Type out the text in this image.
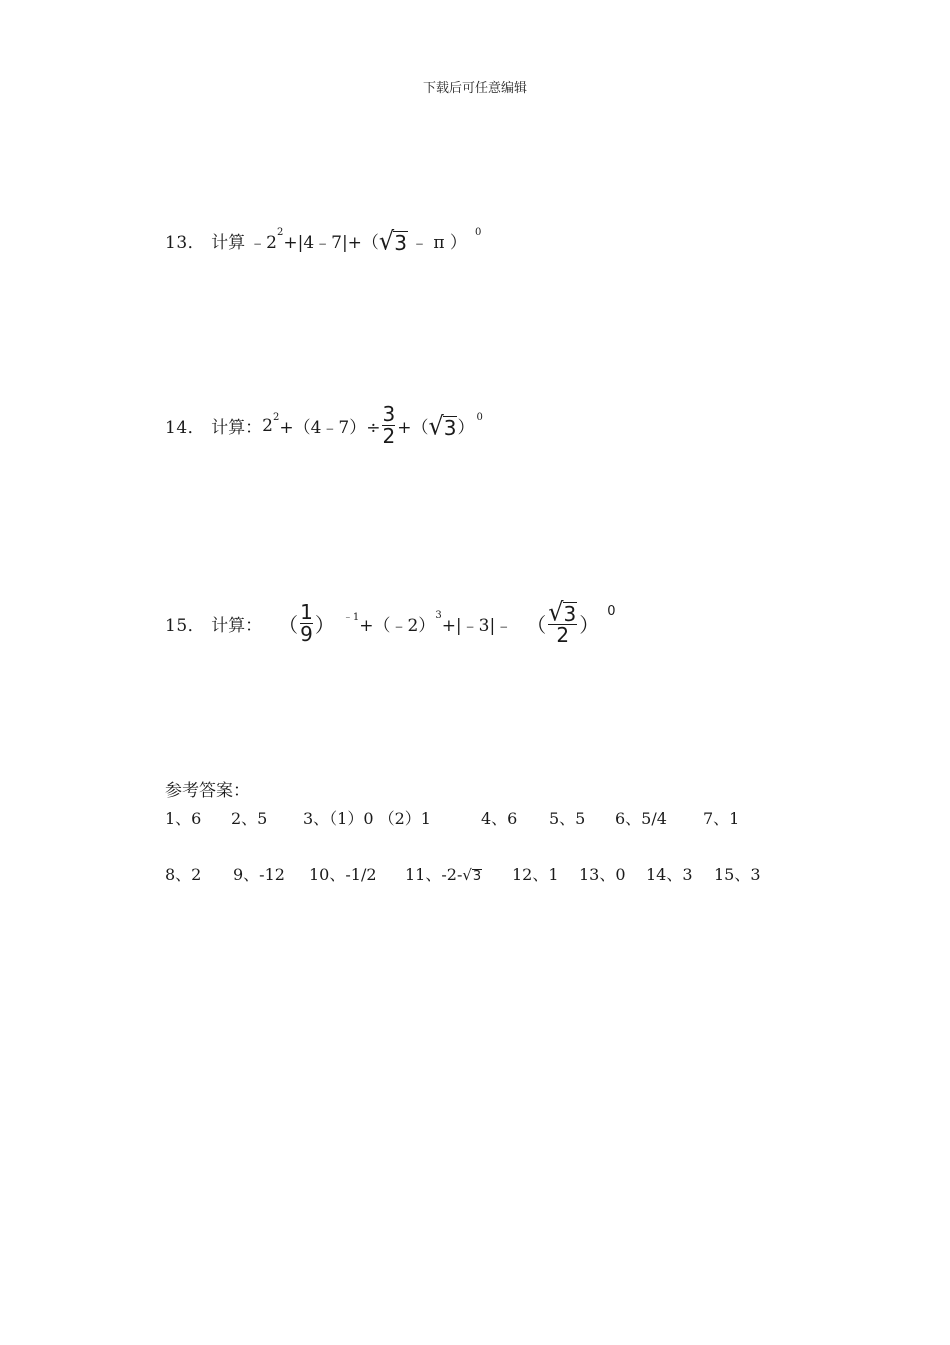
下载后可任意编辑
13． 计算 ﹣2
2
+|4﹣7|+（ √ 3 ﹣ π ）
0
14． 计算： 2 2
+（4﹣7）÷ $\frac{3}{2}$ +（ √ 3 ）
0
15． 计算： （ $\frac{1}{9}$ ） ﹣1 +（﹣2）
3
+|﹣3|﹣ （ $\frac{√ 3}{2}$ ）
0
参考答案：
1、6	2、5	3、（1）0 （2）1	4、6	5、5	6、5/4	7、1
8、2	9、-12	10、-1/2	11、-2- √ 3 12、1	13、0	14、3	15、3
